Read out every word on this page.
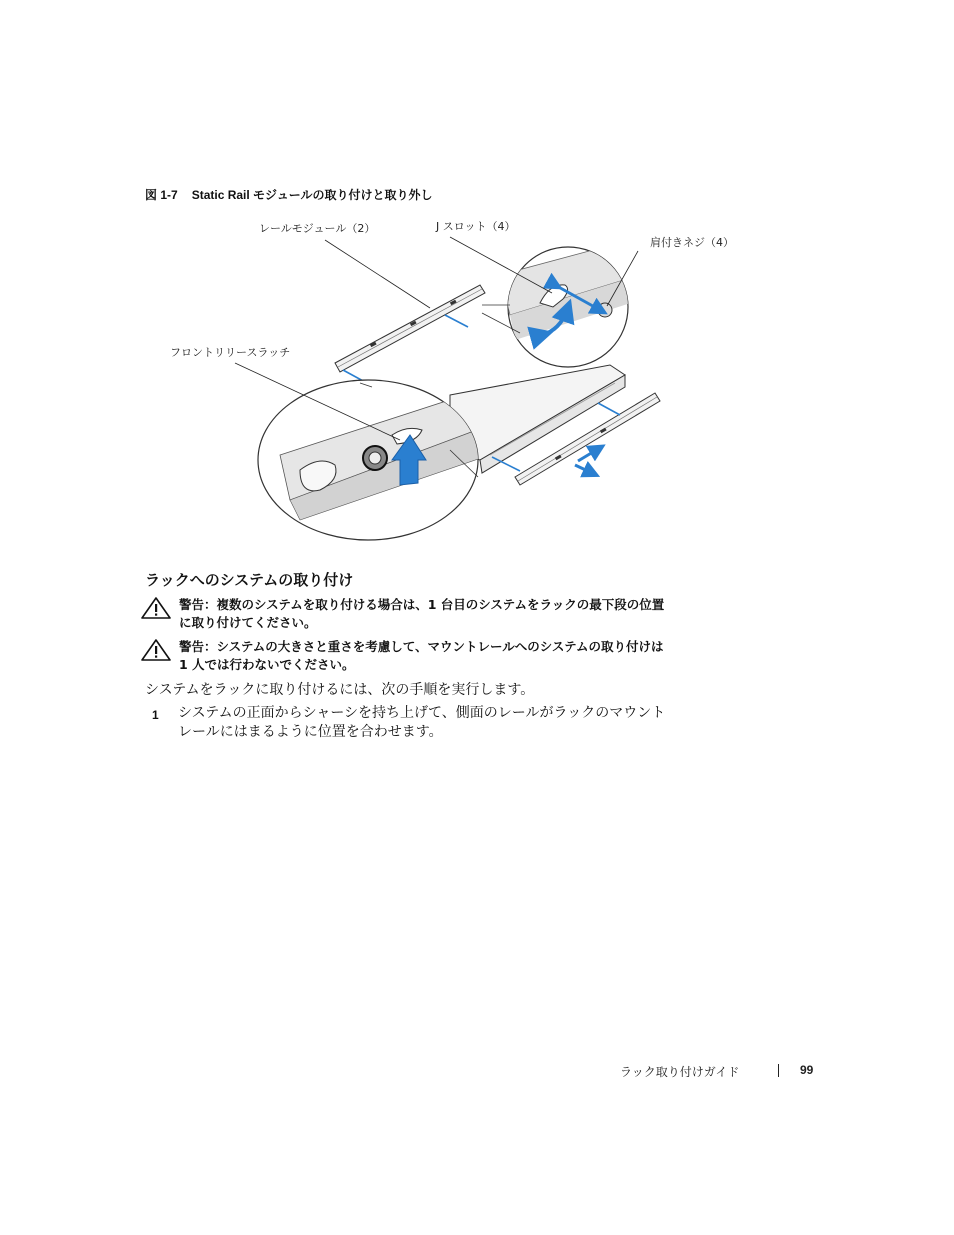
図 1-7 Static Rail モジュールの取り付けと取り外し
レールモジュール（2）	J スロット（4）
肩付きネジ（4）
フロントリリースラッチ
ラックへのシステムの取り付け
警告：複数のシステムを取り付ける場合は、1 台目のシステムをラックの最下段の位置
に取り付けてください。
警告：システムの大きさと重さを考慮して、マウントレールへのシステムの取り付けは
1 人では行わないでください。
システムをラックに取り付けるには、次の手順を実行します。
1	システムの正面からシャーシを持ち上げて、側面のレールがラックのマウント
レールにはまるように位置を合わせます。
ラック取り付けガイド	99
